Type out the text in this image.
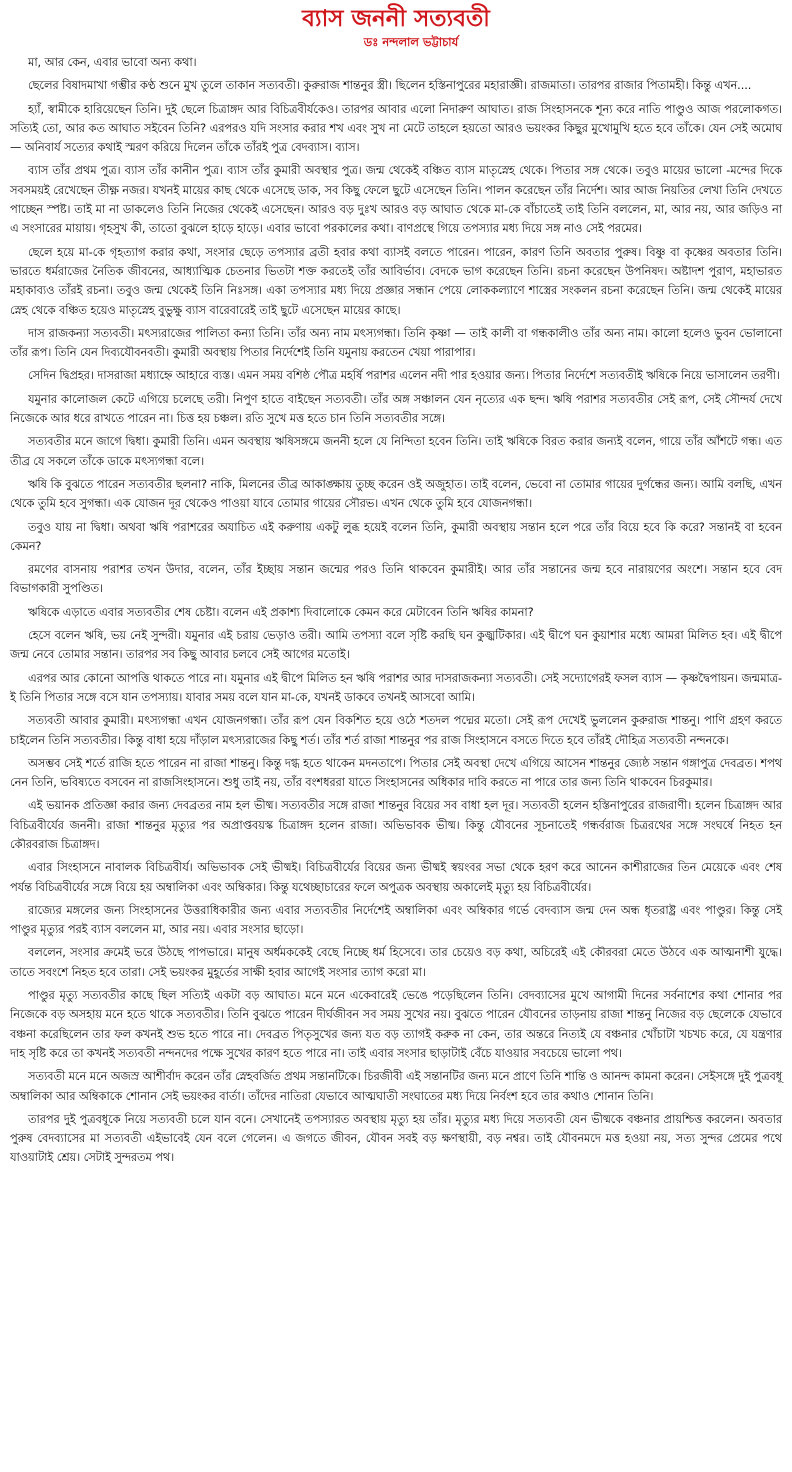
ব্যাস জননী সত্যবতী
ডঃ নন্দলাল ভট্টাচার্য

মা, আর কেন, এবার ভাবো অন্য কথা।

ছেলের বিষাদমাখা গম্ভীর কণ্ঠ শুনে মুখ তুলে তাকান সত্যবতী। কুরুরাজ শান্তনুর স্ত্রী। ছিলেন হস্তিনাপুরের মহারাজ্ঞী। রাজমাতা। তারপর রাজার পিতামহী। কিন্তু এখন....

হ্যাঁ, স্বামীকে হারিয়েছেন তিনি। দুই ছেলে চিত্রাঙ্গদ আর বিচিত্রবীর্যকেও। তারপর আবার এলো নিদারুণ আঘাত। রাজ সিংহাসনকে শূন্য করে নাতি পাণ্ডুও আজ পরলোকগত। সত্যিই তো, আর কত আঘাত সইবেন তিনি? এরপরও যদি সংসার করার শখ এবং সুখ না মেটে তাহলে হয়তো আরও ভয়ংকর কিছুর মুখোমুখি হতে হবে তাঁকে। যেন সেই অমোঘ — অনিবার্য সত্যের কথাই স্মরণ করিয়ে দিলেন তাঁকে তাঁরই পুত্র বেদব্যাস। ব্যাস।

ব্যাস তাঁর প্রথম পুত্র। ব্যাস তাঁর কানীন পুত্র। ব্যাস তাঁর কুমারী অবস্থার পুত্র। জন্ম থেকেই বঞ্চিত ব্যাস মাতৃস্নেহ থেকে। পিতার সঙ্গ থেকে। তবুও মায়ের ভালো -মন্দের দিকে সবসময়ই রেখেছেন তীক্ষ্ণ নজর। যখনই মায়ের কাছ থেকে এসেছে ডাক, সব কিছু ফেলে ছুটে এসেছেন তিনি। পালন করেছেন তাঁর নির্দেশ। আর আজ নিয়তির লেখা তিনি দেখতে পাচ্ছেন স্পষ্ট। তাই মা না ডাকলেও তিনি নিজের থেকেই এসেছেন। আরও বড় দুঃখ আরও বড় আঘাত থেকে মা-কে বাঁচাতেই তাই তিনি বললেন, মা, আর নয়, আর জড়িও না এ সংসারের মায়ায়। গৃহসুখ কী, তাতো বুঝলে হাড়ে হাড়ে। এবার ভাবো পরকালের কথা। বাণপ্রস্থে গিয়ে তপস্যার মধ্য দিয়ে সঙ্গ নাও সেই পরমের।

ছেলে হয়ে মা-কে গৃহত্যাগ করার কথা, সংসার ছেড়ে তপস্যার ব্রতী হবার কথা ব্যাসই বলতে পারেন। পারেন, কারণ তিনি অবতার পুরুষ। বিষ্ণু বা কৃষ্ণের অবতার তিনি। ভারতে ধর্মরাজের নৈতিক জীবনের, আধ্যাত্মিক চেতনার ভিতটা শক্ত করতেই তাঁর আবির্ভাব। বেদকে ভাগ করেছেন তিনি। রচনা করেছেন উপনিষদ। অষ্টাদশ পুরাণ, মহাভারত মহাকাব্যও তাঁরই রচনা। তবুও জন্ম থেকেই তিনি নিঃসঙ্গ। একা তপস্যার মধ্য দিয়ে প্রজ্ঞার সন্ধান পেয়ে লোককল্যাণে শাস্ত্রের সংকলন রচনা করেছেন তিনি। জন্ম থেকেই মায়ের স্নেহ থেকে বঞ্চিত হয়েও মাতৃস্নেহ বুভুক্ষু ব্যাস বারেবারেই তাই ছুটে এসেছেন মায়ের কাছে।

দাস রাজকন্যা সত্যবতী। মৎস্যরাজের পালিতা কন্যা তিনি। তাঁর অন্য নাম মৎস্যগন্ধা। তিনি কৃষ্ণা — তাই কালী বা গন্ধকালীও তাঁর অন্য নাম। কালো হলেও ভুবন ভোলানো তাঁর রূপ। তিনি যেন দিব্যযৌবনবতী। কুমারী অবস্থায় পিতার নির্দেশেই তিনি যমুনায় করতেন খেয়া পারাপার।

সেদিন দ্বিপ্রহর। দাসরাজা মধ্যাহ্নে আহারে ব্যস্ত। এমন সময় বশিষ্ঠ পৌত্র মহর্ষি পরাশর এলেন নদী পার হওয়ার জন্য। পিতার নির্দেশে সত্যবতীই ঋষিকে নিয়ে ভাসালেন তরণী।

যমুনার কালোজল কেটে এগিয়ে চলেছে তরী। নিপুণ হাতে বাইছেন সত্যবতী। তাঁর অঙ্গ সঞ্চালন যেন নৃত্যের এক ছন্দ। ঋষি পরাশর সত্যবতীর সেই রূপ, সেই সৌন্দর্য দেখে নিজেকে আর ধরে রাখতে পারেন না। চিত্ত হয় চঞ্চল। রতি সুখে মত্ত হতে চান তিনি সত্যবতীর সঙ্গে।

সত্যবতীর মনে জাগে দ্বিধা। কুমারী তিনি। এমন অবস্থায় ঋষিসঙ্গমে জননী হলে যে নিন্দিতা হবেন তিনি। তাই ঋষিকে বিরত করার জন্যই বলেন, গায়ে তাঁর আঁশটে গন্ধ। এত তীব্র যে সকলে তাঁকে ডাকে মৎস্যগন্ধা বলে।

ঋষি কি বুঝতে পারেন সত্যবতীর ছলনা? নাকি, মিলনের তীব্র আকাঙ্ক্ষায় তুচ্ছ করেন ওই অজুহাত। তাই বলেন, ভেবো না তোমার গায়ের দুর্গন্ধের জন্য। আমি বলছি, এখন থেকে তুমি হবে সুগন্ধা। এক যোজন দূর থেকেও পাওয়া যাবে তোমার গায়ের সৌরভ। এখন থেকে তুমি হবে যোজনগন্ধা।

তবুও যায় না দ্বিধা। অথবা ঋষি পরাশরের অযাচিত এই করুণায় একটু লুব্ধ হয়েই বলেন তিনি, কুমারী অবস্থায় সন্তান হলে পরে তাঁর বিয়ে হবে কি করে? সন্তানই বা হবেন কেমন?

রমণের বাসনায় পরাশর তখন উদার, বলেন, তাঁর ইচ্ছায় সন্তান জন্মের পরও তিনি থাকবেন কুমারীই। আর তাঁর সন্তানের জন্ম হবে নারায়ণের অংশে। সন্তান হবে বেদ বিভাগকারী সুপণ্ডিত।

ঋষিকে এড়াতে এবার সত্যবতীর শেষ চেষ্টা। বলেন এই প্রকাশ্য দিবালোকে কেমন করে মেটাবেন তিনি ঋষির কামনা?

হেসে বলেন ঋষি, ভয় নেই সুন্দরী। যমুনার এই চরায় ভেড়াও তরী। আমি তপস্যা বলে সৃষ্টি করছি ঘন কুজ্ঝটিকার। এই দ্বীপে ঘন কুয়াশার মধ্যে আমরা মিলিত হব। এই দ্বীপে জন্ম নেবে তোমার সন্তান। তারপর সব কিছু আবার চলবে সেই আগের মতোই।

এরপর আর কোনো আপত্তি থাকতে পারে না। যমুনার এই দ্বীপে মিলিত হন ঋষি পরাশর আর দাসরাজকন্যা সত্যবতী। সেই সদ্যোগেরই ফসল ব্যাস — কৃষ্ণদ্বৈপায়ন। জন্মমাত্র-ই তিনি পিতার সঙ্গে বসে যান তপস্যায়। যাবার সময় বলে যান মা-কে, যখনই ডাকবে তখনই আসবো আমি।

সত্যবতী আবার কুমারী। মৎস্যগন্ধা এখন যোজনগন্ধা। তাঁর রূপ যেন বিকশিত হয়ে ওঠে শতদল পদ্মের মতো। সেই রূপ দেখেই ভুললেন কুরুরাজ শান্তনু। পাণি গ্রহণ করতে চাইলেন তিনি সত্যবতীর। কিন্তু বাধা হয়ে দাঁড়াল মৎস্যরাজের কিছু শর্ত। তাঁর শর্ত রাজা শান্তনুর পর রাজ সিংহাসনে বসতে দিতে হবে তাঁরই দৌহিত্র সত্যবতী নন্দনকে।

অসম্ভব সেই শর্তে রাজি হতে পারেন না রাজা শান্তনু। কিন্তু দগ্ধ হতে থাকেন মদনতাপে। পিতার সেই অবস্থা দেখে এগিয়ে আসেন শান্তনুর জ্যেষ্ঠ সন্তান গঙ্গাপুত্র দেবব্রত। শপথ নেন তিনি, ভবিষ্যতে বসবেন না রাজসিংহাসনে। শুধু তাই নয়, তাঁর বংশধররা যাতে সিংহাসনের অধিকার দাবি করতে না পারে তার জন্য তিনি থাকবেন চিরকুমার।

এই ভয়ানক প্রতিজ্ঞা করার জন্য দেবব্রতর নাম হল ভীষ্ম। সত্যবতীর সঙ্গে রাজা শান্তনুর বিয়ের সব বাধা হল দূর। সত্যবতী হলেন হস্তিনাপুরের রাজরাণী। হলেন চিত্রাঙ্গদ আর বিচিত্রবীর্যের জননী। রাজা শান্তনুর মৃত্যুর পর অপ্রাপ্তবয়স্ক চিত্রাঙ্গদ হলেন রাজা। অভিভাবক ভীষ্ম। কিন্তু যৌবনের সূচনাতেই গন্ধর্বরাজ চিত্ররথের সঙ্গে সংঘর্ষে নিহত হন কৌরবরাজ চিত্রাঙ্গদ।

এবার সিংহাসনে নাবালক বিচিত্রবীর্য। অভিভাবক সেই ভীষ্মই। বিচিত্রবীর্যের বিয়ের জন্য ভীষ্মই স্বয়ংবর সভা থেকে হরণ করে আনেন কাশীরাজের তিন মেয়েকে এবং শেষ পর্যন্ত বিচিত্রবীর্যের সঙ্গে বিয়ে হয় অম্বালিকা এবং অম্বিকার। কিন্তু যথেচ্ছাচারের ফলে অপুত্রক অবস্থায় অকালেই মৃত্যু হয় বিচিত্রবীর্যের।

রাজ্যের মঙ্গলের জন্য সিংহাসনের উত্তরাধিকারীর জন্য এবার সত্যবতীর নির্দেশেই অম্বালিকা এবং অম্বিকার গর্ভে বেদব্যাস জন্ম দেন অন্ধ ধৃতরাষ্ট্র এবং পাণ্ডুর। কিন্তু সেই পাণ্ডুর মৃত্যুর পরই ব্যাস বললেন মা, আর নয়। এবার সংসার ছাড়ো।

বললেন, সংসার ক্রমেই ভরে উঠছে পাপভারে। মানুষ অর্ধমককেই বেছে নিচ্ছে ধর্ম হিসেবে। তার চেয়েও বড় কথা, অচিরেই এই কৌরবরা মেতে উঠবে এক আত্মনাশী যুদ্ধে। তাতে সবংশে নিহত হবে তারা। সেই ভয়ংকর মুহূর্তের সাক্ষী হবার আগেই সংসার ত্যাগ করো মা।

পাণ্ডুর মৃত্যু সত্যবতীর কাছে ছিল সত্যিই একটা বড় আঘাত। মনে মনে একেবারেই ভেঙে পড়েছিলেন তিনি। বেদব্যাসের মুখে আগামী দিনের সর্বনাশের কথা শোনার পর নিজেকে বড় অসহায় মনে হতে থাকে সত্যবতীর। তিনি বুঝতে পারেন দীর্ঘজীবন সব সময় সুখের নয়। বুঝতে পারেন যৌবনের তাড়নায় রাজা শান্তনু নিজের বড় ছেলেকে যেভাবে বঞ্চনা করেছিলেন তার ফল কখনই শুভ হতে পারে না। দেবব্রত পিতৃসুখের জন্য যত বড় ত্যাগই করুক না কেন, তার অন্তরে নিত্যই যে বঞ্চনার খোঁচাটা খচখচ করে, যে যন্ত্রণার দাহ সৃষ্টি করে তা কখনই সত্যবতী নন্দনদের পক্ষে সুখের কারণ হতে পারে না। তাই এবার সংসার ছাড়াটাই বেঁচে যাওয়ার সবচেয়ে ভালো পথ।

সত্যবতী মনে মনে অজস্র আশীর্বাদ করেন তাঁর স্নেহবর্জিত প্রথম সন্তানটিকে। চিরজীবী এই সন্তানটির জন্য মনে প্রাণে তিনি শান্তি ও আনন্দ কামনা করেন। সেইসঙ্গে দুই পুত্রবধূ অম্বালিকা আর অম্বিকাকে শোনান সেই ভয়ংকর বার্তা। তাঁদের নাতিরা যেভাবে আত্মঘাতী সংঘাতের মধ্য দিয়ে নির্বংশ হবে তার কথাও শোনান তিনি।

তারপর দুই পুত্রবধূকে নিয়ে সত্যবতী চলে যান বনে। সেখানেই তপস্যারত অবস্থায় মৃত্যু হয় তাঁর। মৃত্যুর মধ্য দিয়ে সত্যবতী যেন ভীষ্মকে বঞ্চনার প্রায়শ্চিত্ত করলেন। অবতার পুরুষ বেদব্যাসের মা সত্যবতী এইভাবেই যেন বলে গেলেন। এ জগতে জীবন, যৌবন সবই বড় ক্ষণস্থায়ী, বড় নশ্বর। তাই যৌবনমদে মত্ত হওয়া নয়, সত্য সুন্দর প্রেমের পথে যাওয়াটাই শ্রেয়। সেটাই সুন্দরতম পথ।
